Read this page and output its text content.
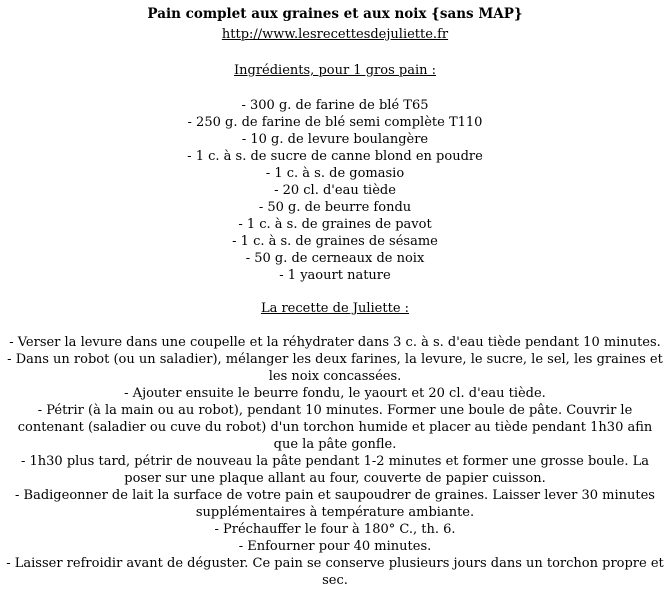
Pain complet aux graines et aux noix {sans MAP}

http://www.lesrecettesdejuliette.fr

Ingrédients, pour 1 gros pain :

- 300 g. de farine de blé T65

- 250 g. de farine de blé semi complète T110

- 10 g. de levure boulangère

- 1 c. à s. de sucre de canne blond en poudre

- 1 c. à s. de gomasio

- 20 cl. d'eau tiède

- 50 g. de beurre fondu

- 1 c. à s. de graines de pavot

- 1 c. à s. de graines de sésame

- 50 g. de cerneaux de noix

- 1 yaourt nature

La recette de Juliette :

- Verser la levure dans une coupelle et la réhydrater dans 3 c. à s. d'eau tiède pendant 10 minutes.

- Dans un robot (ou un saladier), mélanger les deux farines, la levure, le sucre, le sel, les graines et les noix concassées.

- Ajouter ensuite le beurre fondu, le yaourt et 20 cl. d'eau tiède.

- Pétrir (à la main ou au robot), pendant 10 minutes. Former une boule de pâte. Couvrir le contenant (saladier ou cuve du robot) d'un torchon humide et placer au tiède pendant 1h30 afin que la pâte gonfle.

- 1h30 plus tard, pétrir de nouveau la pâte pendant 1-2 minutes et former une grosse boule. La poser sur une plaque allant au four, couverte de papier cuisson.

- Badigeonner de lait la surface de votre pain et saupoudrer de graines. Laisser lever 30 minutes supplémentaires à température ambiante.

- Préchauffer le four à 180° C., th. 6.

- Enfourner pour 40 minutes.

- Laisser refroidir avant de déguster. Ce pain se conserve plusieurs jours dans un torchon propre et sec.
